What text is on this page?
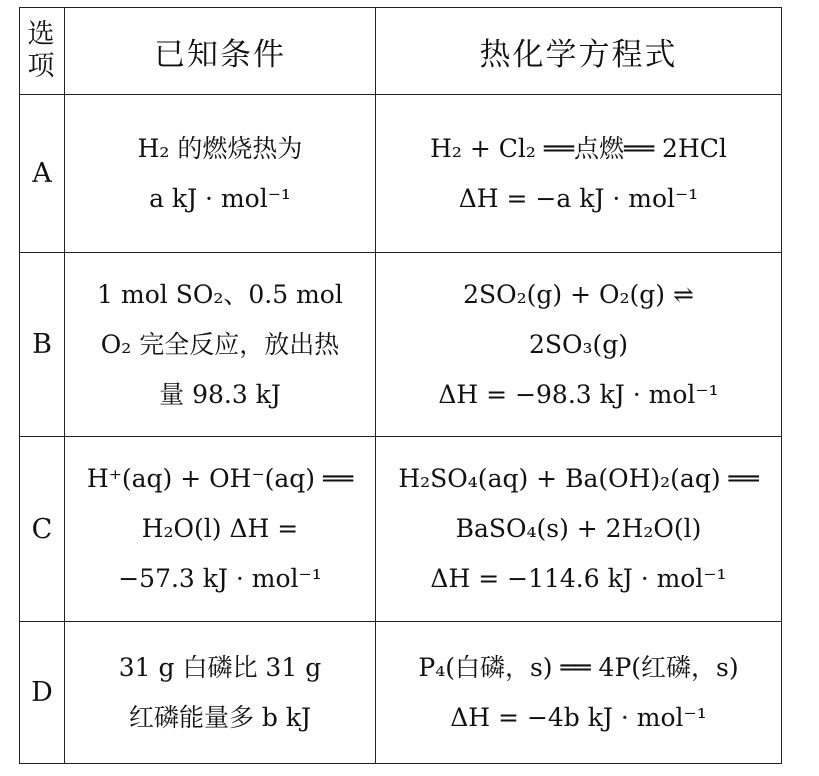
选项	已知条件	热化学方程式
A	H₂ 的燃烧热为
a kJ · mol⁻¹	H₂ + Cl₂ ══点燃══ 2HCl
ΔH = −a kJ · mol⁻¹

B	1 mol SO₂、0.5 mol
O₂ 完全反应，放出热
量 98.3 kJ	2SO₂(g) + O₂(g) ⇌
2SO₃(g)
ΔH = −98.3 kJ · mol⁻¹

C	H⁺(aq) + OH⁻(aq) ══
H₂O(l) ΔH =
−57.3 kJ · mol⁻¹	H₂SO₄(aq) + Ba(OH)₂(aq) ══
BaSO₄(s) + 2H₂O(l)
ΔH = −114.6 kJ · mol⁻¹

D	31 g 白磷比 31 g
红磷能量多 b kJ	P₄(白磷，s) ══ 4P(红磷，s)
ΔH = −4b kJ · mol⁻¹
